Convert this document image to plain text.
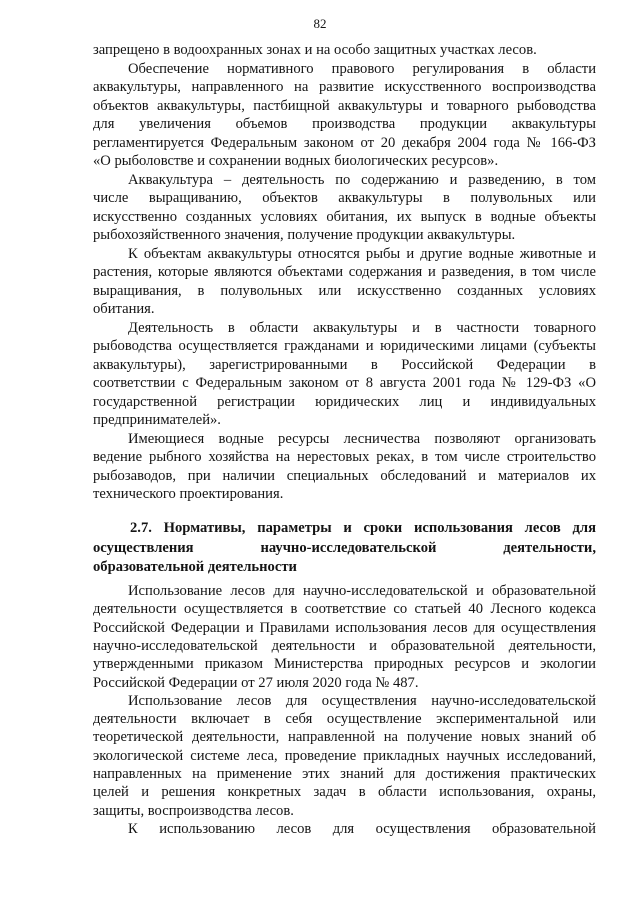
82
запрещено в водоохранных зонах и на особо защитных участках лесов.
Обеспечение нормативного правового регулирования в области
аквакультуры, направленного на развитие искусственного воспроизводства
объектов аквакультуры, пастбищной аквакультуры и товарного рыбоводства
для увеличения объемов производства продукции аквакультуры
регламентируется Федеральным законом от 20 декабря 2004 года № 166-ФЗ
«О рыболовстве и сохранении водных биологических ресурсов».
Аквакультура – деятельность по содержанию и разведению, в том
числе выращиванию, объектов аквакультуры в полувольных или
искусственно созданных условиях обитания, их выпуск в водные объекты
рыбохозяйственного значения, получение продукции аквакультуры.
К объектам аквакультуры относятся рыбы и другие водные животные и
растения, которые являются объектами содержания и разведения, в том числе
выращивания, в полувольных или искусственно созданных условиях
обитания.
Деятельность в области аквакультуры и в частности товарного
рыбоводства осуществляется гражданами и юридическими лицами (субъекты
аквакультуры), зарегистрированными в Российской Федерации в
соответствии с Федеральным законом от 8 августа 2001 года № 129-ФЗ «О
государственной регистрации юридических лиц и индивидуальных
предпринимателей».
Имеющиеся водные ресурсы лесничества позволяют организовать
ведение рыбного хозяйства на нерестовых реках, в том числе строительство
рыбозаводов, при наличии специальных обследований и материалов их
технического проектирования.
2.7. Нормативы, параметры и сроки использования лесов для
осуществления научно-исследовательской деятельности,
образовательной деятельности
Использование лесов для научно-исследовательской и образовательной
деятельности осуществляется в соответствие со статьей 40 Лесного кодекса
Российской Федерации и Правилами использования лесов для осуществления
научно-исследовательской деятельности и образовательной деятельности,
утвержденными приказом Министерства природных ресурсов и экологии
Российской Федерации от 27 июля 2020 года № 487.
Использование лесов для осуществления научно-исследовательской
деятельности включает в себя осуществление экспериментальной или
теоретической деятельности, направленной на получение новых знаний об
экологической системе леса, проведение прикладных научных исследований,
направленных на применение этих знаний для достижения практических
целей и решения конкретных задач в области использования, охраны,
защиты, воспроизводства лесов.
К использованию лесов для осуществления образовательной
